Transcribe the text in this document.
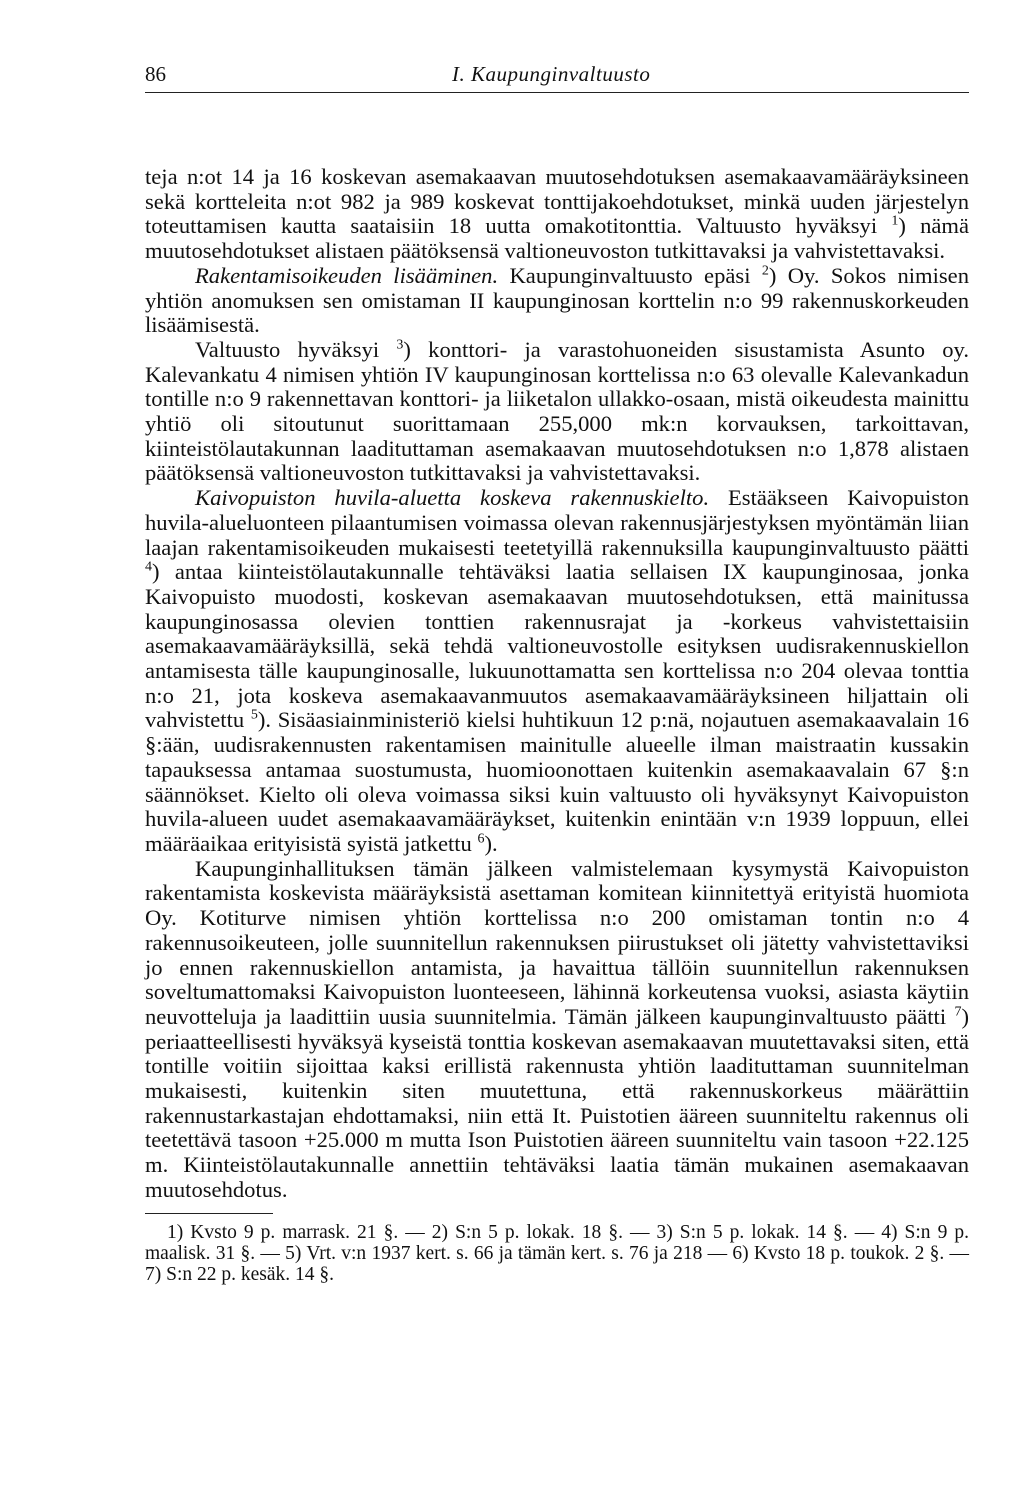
86	I. Kaupunginvaltuusto

teja n:ot 14 ja 16 koskevan asemakaavan muutosehdotuksen asemakaavamääräyksineen sekä kortteleita n:ot 982 ja 989 koskevat tonttijakoehdotukset, minkä uuden järjestelyn toteuttamisen kautta saataisiin 18 uutta omakotitonttia. Valtuusto hyväksyi $^1$) nämä muutosehdotukset alistaen päätöksensä valtioneuvoston tutkittavaksi ja vahvistettavaksi.

Rakentamisoikeuden lisääminen. Kaupunginvaltuusto epäsi $^2$) Oy. Sokos nimisen yhtiön anomuksen sen omistaman II kaupunginosan korttelin n:o 99 rakennuskorkeuden lisäämisestä.

Valtuusto hyväksyi $^3$) konttori- ja varastohuoneiden sisustamista Asunto oy. Kalevankatu 4 nimisen yhtiön IV kaupunginosan korttelissa n:o 63 olevalle Kalevankadun tontille n:o 9 rakennettavan konttori- ja liiketalon ullakko-osaan, mistä oikeudesta mainittu yhtiö oli sitoutunut suorittamaan 255,000 mk:n korvauksen, tarkoittavan, kiinteistölautakunnan laadituttaman asemakaavan muutosehdotuksen n:o 1,878 alistaen päätöksensä valtioneuvoston tutkittavaksi ja vahvistettavaksi.

Kaivopuiston huvila-aluetta koskeva rakennuskielto. Estääkseen Kaivopuiston huvila-alueluonteen pilaantumisen voimassa olevan rakennusjärjestyksen myöntämän liian laajan rakentamisoikeuden mukaisesti teetetyillä rakennuksilla kaupunginvaltuusto päätti $^4$) antaa kiinteistölautakunnalle tehtäväksi laatia sellaisen IX kaupunginosaa, jonka Kaivopuisto muodosti, koskevan asemakaavan muutosehdotuksen, että mainitussa kaupunginosassa olevien tonttien rakennusrajat ja -korkeus vahvistettaisiin asemakaavamääräyksillä, sekä tehdä valtioneuvostolle esityksen uudisrakennuskiellon antamisesta tälle kaupunginosalle, lukuunottamatta sen korttelissa n:o 204 olevaa tonttia n:o 21, jota koskeva asemakaavanmuutos asemakaavamääräyksineen hiljattain oli vahvistettu $^5$). Sisäasiainministeriö kielsi huhtikuun 12 p:nä, nojautuen asemakaavalain 16 §:ään, uudisrakennusten rakentamisen mainitulle alueelle ilman maistraatin kussakin tapauksessa antamaa suostumusta, huomioonottaen kuitenkin asemakaavalain 67 §:n säännökset. Kielto oli oleva voimassa siksi kuin valtuusto oli hyväksynyt Kaivopuiston huvila-alueen uudet asemakaavamääräykset, kuitenkin enintään v:n 1939 loppuun, ellei määräaikaa erityisistä syistä jatkettu $^6$).

Kaupunginhallituksen tämän jälkeen valmistelemaan kysymystä Kaivopuiston rakentamista koskevista määräyksistä asettaman komitean kiinnitettyä erityistä huomiota Oy. Kotiturve nimisen yhtiön korttelissa n:o 200 omistaman tontin n:o 4 rakennusoikeuteen, jolle suunnitellun rakennuksen piirustukset oli jätetty vahvistettaviksi jo ennen rakennuskiellon antamista, ja havaittua tällöin suunnitellun rakennuksen soveltumattomaksi Kaivopuiston luonteeseen, lähinnä korkeutensa vuoksi, asiasta käytiin neuvotteluja ja laadittiin uusia suunnitelmia. Tämän jälkeen kaupunginvaltuusto päätti $^7$) periaatteellisesti hyväksyä kyseistä tonttia koskevan asemakaavan muutettavaksi siten, että tontille voitiin sijoittaa kaksi erillistä rakennusta yhtiön laadituttaman suunnitelman mukaisesti, kuitenkin siten muutettuna, että rakennuskorkeus määrättiin rakennustarkastajan ehdottamaksi, niin että It. Puistotien ääreen suunniteltu rakennus oli teetettävä tasoon +25.000 m mutta Ison Puistotien ääreen suunniteltu vain tasoon +22.125 m. Kiinteistölautakunnalle annettiin tehtäväksi laatia tämän mukainen asemakaavan muutosehdotus.

1) Kvsto 9 p. marrask. 21 §. — 2) S:n 5 p. lokak. 18 §. — 3) S:n 5 p. lokak. 14 §. — 4) S:n 9 p. maalisk. 31 §. — 5) Vrt. v:n 1937 kert. s. 66 ja tämän kert. s. 76 ja 218 — 6) Kvsto 18 p. toukok. 2 §. — 7) S:n 22 p. kesäk. 14 §.
